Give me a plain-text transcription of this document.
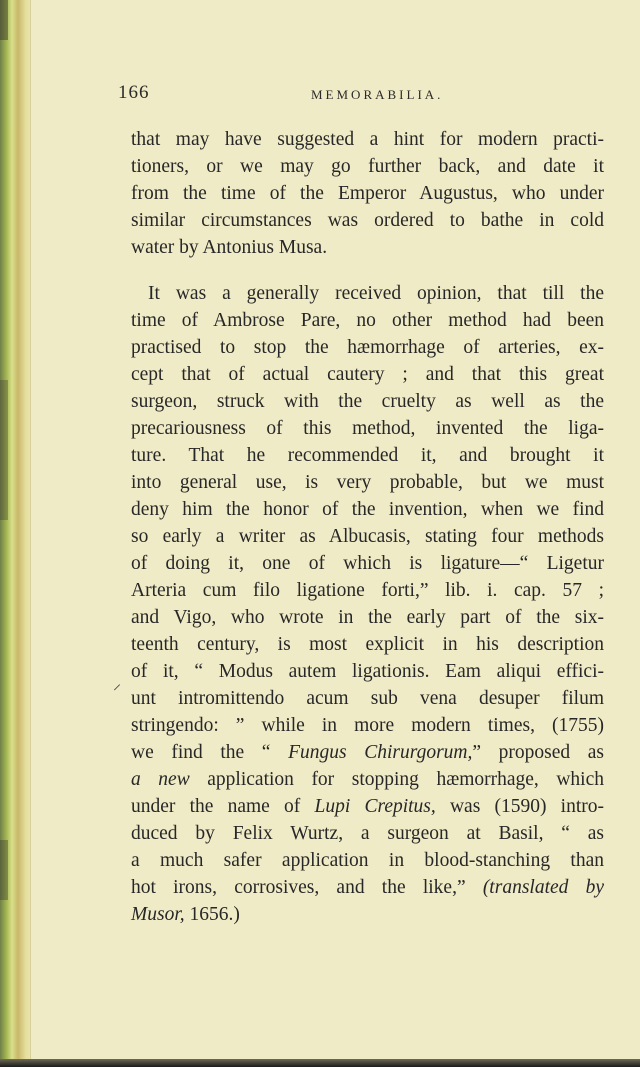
166	MEMORABILIA.
⸝
that may have suggested a hint for modern practi-
tioners, or we may go further back, and date it
from the time of the Emperor Augustus, who under
similar circumstances was ordered to bathe in cold
water by Antonius Musa.
It was a generally received opinion, that till the
time of Ambrose Pare, no other method had been
practised to stop the hæmorrhage of arteries, ex-
cept that of actual cautery ; and that this great
surgeon, struck with the cruelty as well as the
precariousness of this method, invented the liga-
ture. That he recommended it, and brought it
into general use, is very probable, but we must
deny him the honor of the invention, when we find
so early a writer as Albucasis, stating four methods
of doing it, one of which is ligature—“ Ligetur
Arteria cum filo ligatione forti,” lib. i. cap. 57 ;
and Vigo, who wrote in the early part of the six-
teenth century, is most explicit in his description
of it, “ Modus autem ligationis. Eam aliqui effici-
unt intromittendo acum sub vena desuper filum
stringendo: ” while in more modern times, (1755)
we find the “ Fungus Chirurgorum,” proposed as
a new application for stopping hæmorrhage, which
under the name of Lupi Crepitus, was (1590) intro-
duced by Felix Wurtz, a surgeon at Basil, “ as
a much safer application in blood-stanching than
hot irons, corrosives, and the like,” (translated by
Musor, 1656.)
